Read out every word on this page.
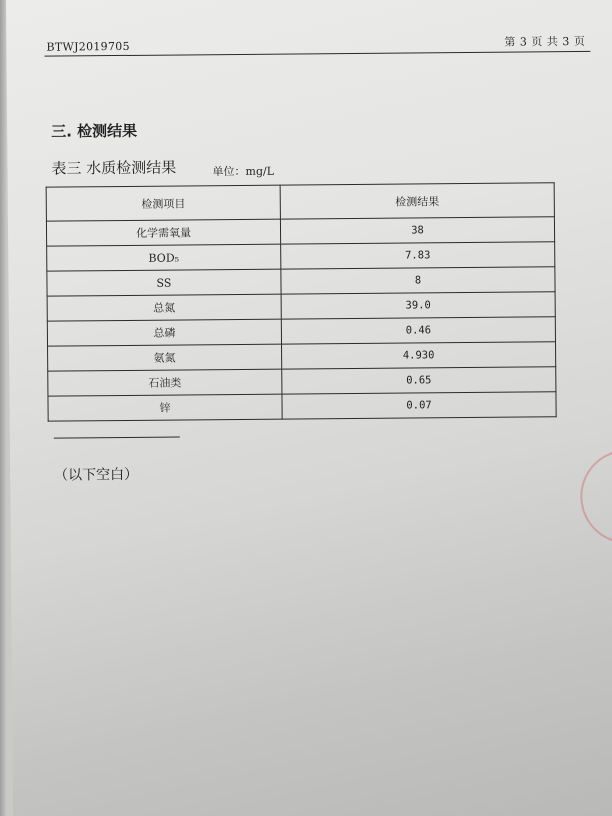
BTWJ2019705	第 3 页 共 3 页
三. 检测结果
表三 水质检测结果	单位：mg/L
检测项目	检测结果
化学需氧量	38
BOD₅	7.83
SS	8
总氮	39.0
总磷	0.46
氨氮	4.930
石油类	0.65
锌	0.07
（以下空白）
